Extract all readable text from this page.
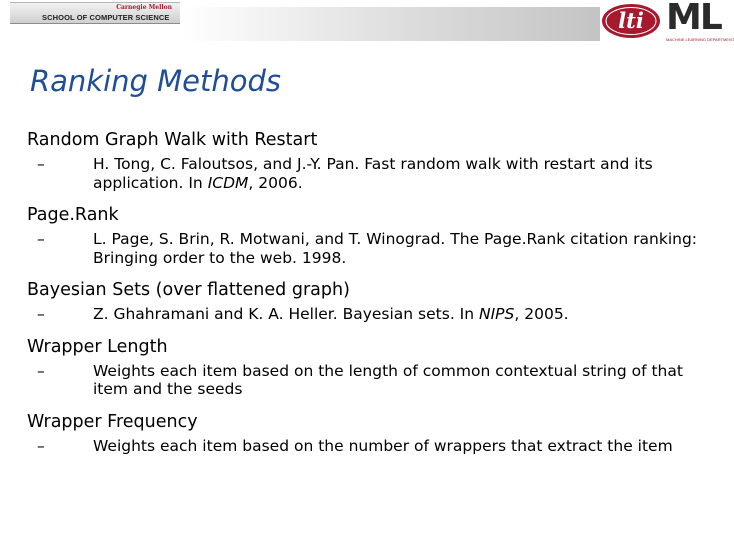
Carnegie Mellon
SCHOOL OF COMPUTER SCIENCE	lti ML
MACHINE LEARNING DEPARTMENT
Ranking Methods
Random Graph Walk with Restart
–	H. Tong, C. Faloutsos, and J.-Y. Pan. Fast random walk with restart and its application. In ICDM, 2006.
Page.Rank
–	L. Page, S. Brin, R. Motwani, and T. Winograd. The Page.Rank citation ranking: Bringing order to the web. 1998.
Bayesian Sets (over flattened graph)
–	Z. Ghahramani and K. A. Heller. Bayesian sets. In NIPS, 2005.
Wrapper Length
–	Weights each item based on the length of common contextual string of that item and the seeds
Wrapper Frequency
–	Weights each item based on the number of wrappers that extract the item
